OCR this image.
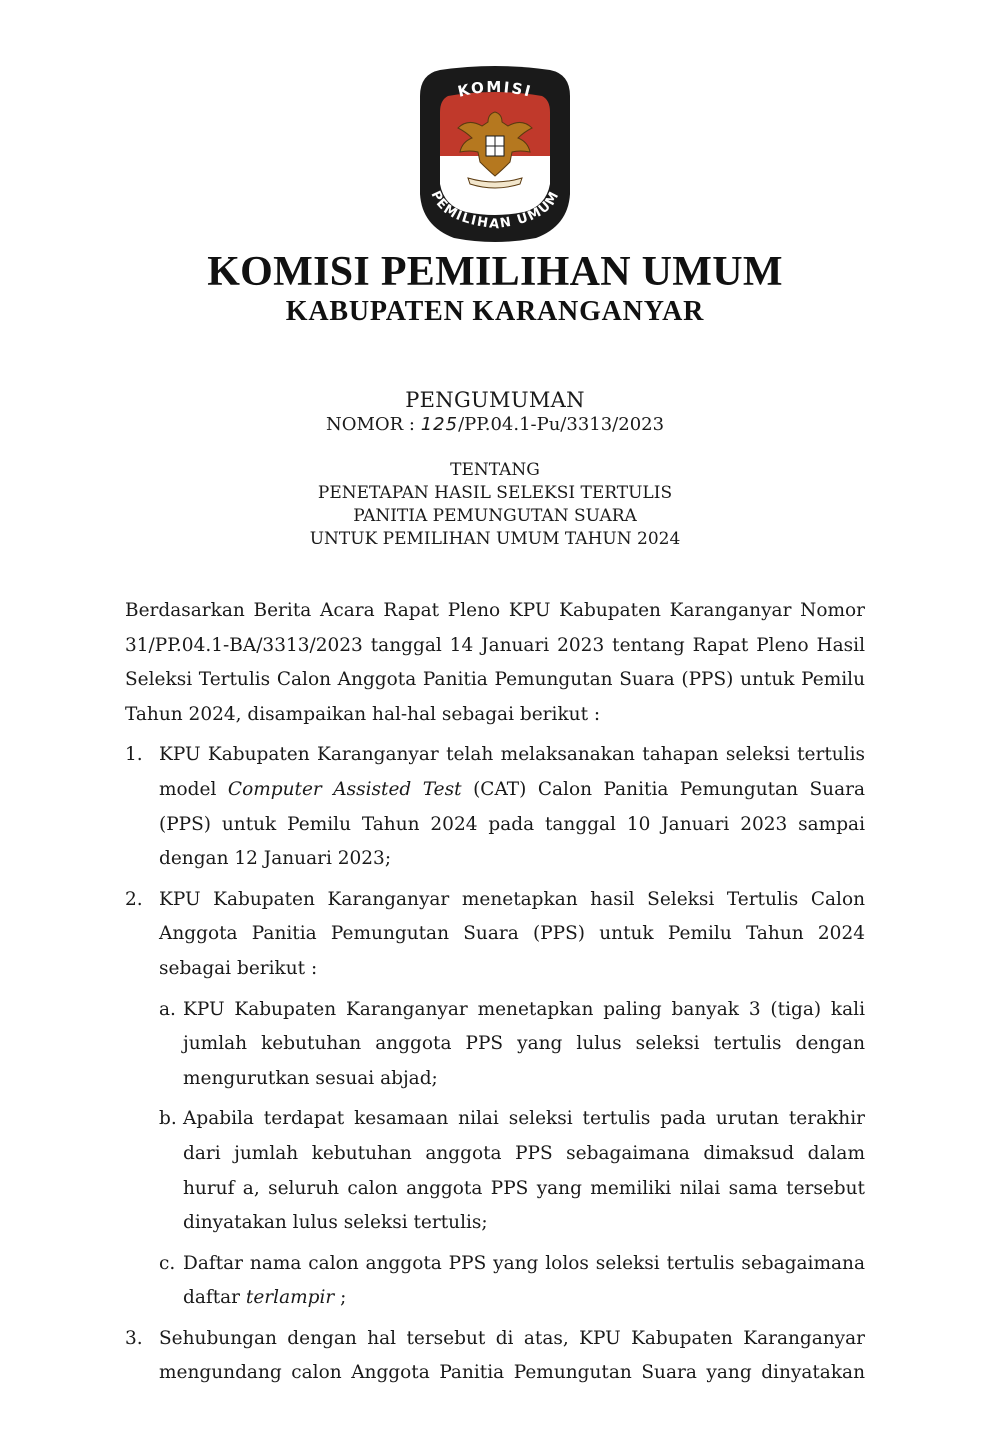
KOMISI
PEMILIHAN UMUM
KOMISI PEMILIHAN UMUM
KABUPATEN KARANGANYAR
PENGUMUMAN
NOMOR : 125/PP.04.1-Pu/3313/2023
TENTANG
PENETAPAN HASIL SELEKSI TERTULIS
PANITIA PEMUNGUTAN SUARA
UNTUK PEMILIHAN UMUM TAHUN 2024

Berdasarkan Berita Acara Rapat Pleno KPU Kabupaten Karanganyar Nomor 31/PP.04.1-BA/3313/2023 tanggal 14 Januari 2023 tentang Rapat Pleno Hasil Seleksi Tertulis Calon Anggota Panitia Pemungutan Suara (PPS) untuk Pemilu Tahun 2024, disampaikan hal-hal sebagai berikut :

1. KPU Kabupaten Karanganyar telah melaksanakan tahapan seleksi tertulis model Computer Assisted Test (CAT) Calon Panitia Pemungutan Suara (PPS) untuk Pemilu Tahun 2024 pada tanggal 10 Januari 2023 sampai dengan 12 Januari 2023;
2. KPU Kabupaten Karanganyar menetapkan hasil Seleksi Tertulis Calon Anggota Panitia Pemungutan Suara (PPS) untuk Pemilu Tahun 2024 sebagai berikut :
a. KPU Kabupaten Karanganyar menetapkan paling banyak 3 (tiga) kali jumlah kebutuhan anggota PPS yang lulus seleksi tertulis dengan mengurutkan sesuai abjad;
b. Apabila terdapat kesamaan nilai seleksi tertulis pada urutan terakhir dari jumlah kebutuhan anggota PPS sebagaimana dimaksud dalam huruf a, seluruh calon anggota PPS yang memiliki nilai sama tersebut dinyatakan lulus seleksi tertulis;
c. Daftar nama calon anggota PPS yang lolos seleksi tertulis sebagaimana daftar terlampir ;
3. Sehubungan dengan hal tersebut di atas, KPU Kabupaten Karanganyar mengundang calon Anggota Panitia Pemungutan Suara yang dinyatakan
